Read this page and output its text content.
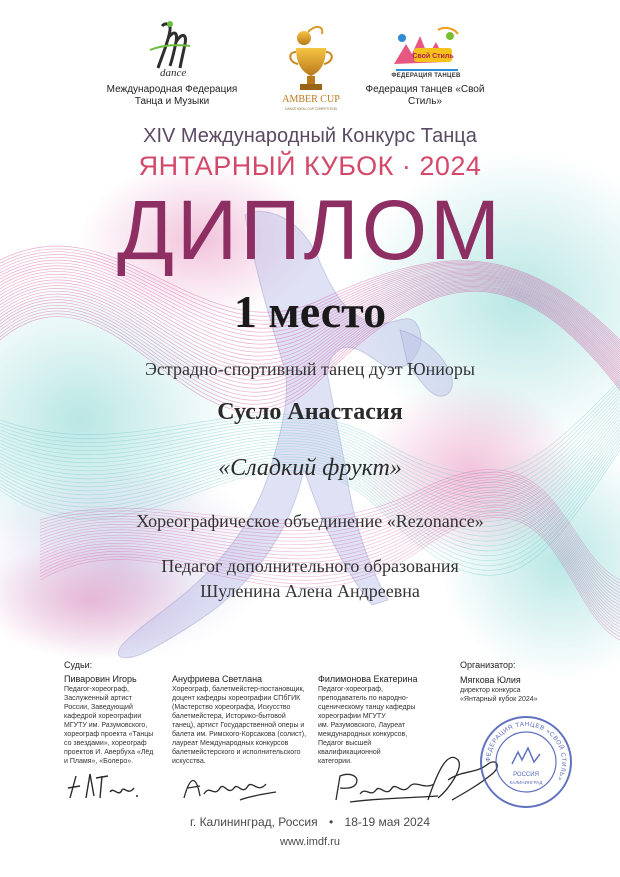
dance
Международная Федерация Танца и Музыки	AMBER CUP
DANCE IDEAL CUP COMPETITION
Свой Стиль
ФЕДЕРАЦИЯ ТАНЦЕВ
Федерация танцев «Свой Стиль»
XIV Международный Конкурс Танца
ЯНТАРНЫЙ КУБОК · 2024
ДИПЛОМ
1 место
Эстрадно-спортивный танец дуэт Юниоры
Сусло Анастасия
«Сладкий фрукт»
Хореографическое объединение «Rezonance»
Педагог дополнительного образования
Шуленина Алена Андреевна
Судьи:
Пиваровин Игорь
Педагог-хореограф,
Заслуженный артист
России, Заведующий
кафедрой хореографии
МГУТУ им. Разумовского,
хореограф проекта «Танцы
со звездами», хореограф
проектов И. Авербуха «Лёд
и Пламя», «Болеро».
Ануфриева Светлана
Хореограф, балетмейстер-постановщик,
доцент кафедры хореографии СПбГИК
(Мастерство хореографа, Искусство
балетмейстера, Историко-бытовой
танец), артист Государственной оперы и
балета им. Римского-Корсакова (солист),
лауреат Международных конкурсов
балетмейстерского и исполнительского
искусства.
Филимонова Екатерина
Педагог-хореограф,
преподаватель по народно-
сценическому танцу кафедры
хореографии МГУТУ
им. Разумовского, Лауреат
международных конкурсов,
Педагог высшей
квалификационной
категории.
Организатор:
Мягкова Юлия
директор конкурса
«Янтарный кубок 2024»
ФЕДЕРАЦИЯ ТАНЦЕВ «СВОЙ СТИЛЬ»
РОССИЯ
КАЛИНИНГРАД
г. Калининград, Россия • 18-19 мая 2024
www.imdf.ru
